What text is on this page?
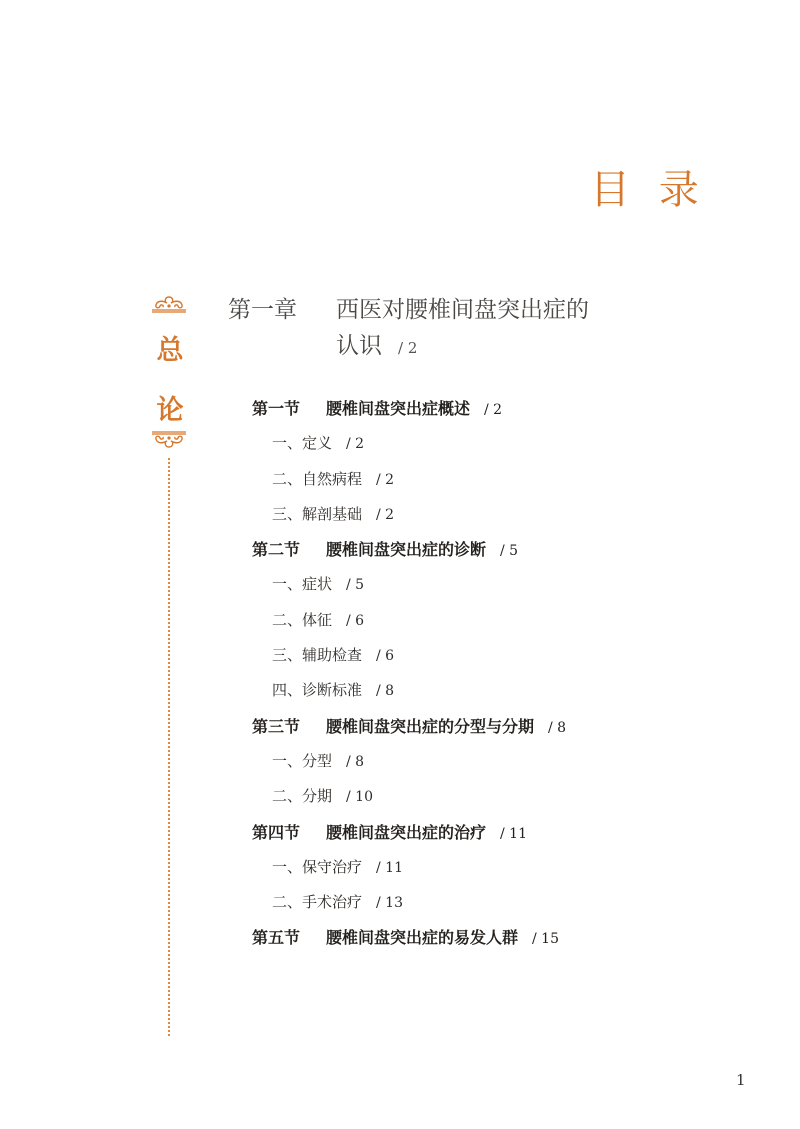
目 录
总
论
第一章 西医对腰椎间盘突出症的
认识 / 2
第一节 腰椎间盘突出症概述 / 2
一、定义 / 2
二、自然病程 / 2
三、解剖基础 / 2
第二节 腰椎间盘突出症的诊断 / 5
一、症状 / 5
二、体征 / 6
三、辅助检查 / 6
四、诊断标准 / 8
第三节 腰椎间盘突出症的分型与分期 / 8
一、分型 / 8
二、分期 / 10
第四节 腰椎间盘突出症的治疗 / 11
一、保守治疗 / 11
二、手术治疗 / 13
第五节 腰椎间盘突出症的易发人群 / 15
1
